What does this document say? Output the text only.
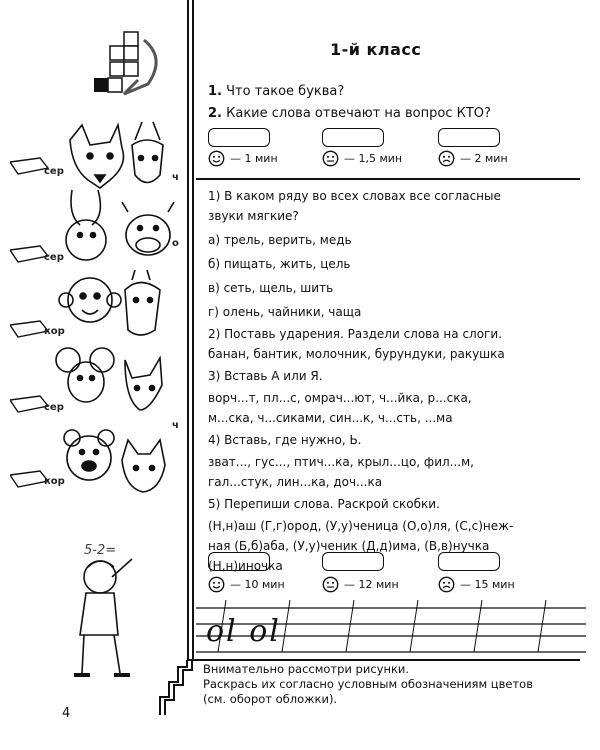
сер
ч
сер
о
кор
сер
ч
кор
5-2=
1-й класс
1. Что такое буква?
2. Какие слова отвечают на вопрос КТО?
— 1 мин	— 1,5 мин	— 2 мин
1) В каком ряду во всех словах все согласные
звуки мягкие?
а) трель, верить, медь
б) пищать, жить, цель
в) сеть, щель, шить
г) олень, чайники, чаща
2) Поставь ударения. Раздели слова на слоги.
банан, бантик, молочник, бурундуки, ракушка
3) Вставь А или Я.
ворч...т, пл...с, омрач...ют, ч...йка, р...ска,
м...ска, ч...сиками, син...к, ч...сть, ...ма
4) Вставь, где нужно, Ь.
зват..., гус..., птич...ка, крыл...цо, фил...м,
гал...стук, лин...ка, доч...ка
5) Перепиши слова. Раскрой скобки.
(Н,н)аш (Г,г)ород, (У,у)ченица (О,о)ля, (С,с)неж-
ная (Б,б)аба, (У,у)ченик (Д,д)има, (В,в)нучка
(Н,н)иночка
— 10 мин	— 12 мин	— 15 мин
ol ol
Внимательно рассмотри рисунки.
Раскрась их согласно условным обозначениям цветов
(см. оборот обложки).
4
